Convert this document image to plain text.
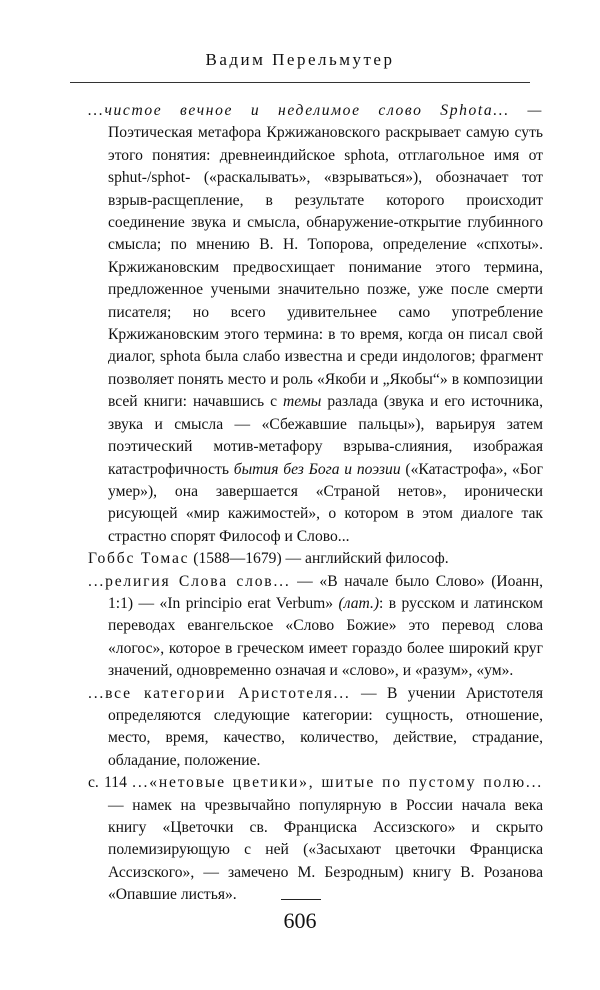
Вадим Перельмутер

...чистое вечное и неделимое слово Sphota... — Поэтическая метафора Кржижановского раскрывает самую суть этого понятия: древнеиндийское sphota, отглагольное имя от sphut-/sphot- («раскалывать», «взрываться»), обозначает тот взрыв-расщепление, в результате которого происходит соединение звука и смысла, обнаружение-открытие глубинного смысла; по мнению В. Н. Топорова, определение «спхоты». Кржижановским предвосхищает понимание этого термина, предложенное учеными значительно позже, уже после смерти писателя; но всего удивительнее само употребление Кржижановским этого термина: в то время, когда он писал свой диалог, sphota была слабо известна и среди индологов; фрагмент позволяет понять место и роль «Якоби и „Якобы“» в композиции всей книги: начавшись с темы разлада (звука и его источника, звука и смысла — «Сбежавшие пальцы»), варьируя затем поэтический мотив-метафору взрыва-слияния, изображая катастрофичность бытия без Бога и поэзии («Катастрофа», «Бог умер»), она завершается «Страной нетов», иронически рисующей «мир кажимостей», о котором в этом диалоге так страстно спорят Философ и Слово...

Гоббс Томас (1588—1679) — английский философ.

...религия Слова слов... — «В начале было Слово» (Иоанн, 1:1) — «In principio erat Verbum» (лат.): в русском и латинском переводах евангельское «Слово Божие» это перевод слова «логос», которое в греческом имеет гораздо более широкий круг значений, одновременно означая и «слово», и «разум», «ум».

...все категории Аристотеля... — В учении Аристотеля определяются следующие категории: сущность, отношение, место, время, качество, количество, действие, страдание, обладание, положение.

с. 114 ...«нетовые цветики», шитые по пустому полю... — намек на чрезвычайно популярную в России начала века книгу «Цветочки св. Франциска Ассизского» и скрыто полемизирующую с ней («Засыхают цветочки Франциска Ассизского», — замечено М. Безродным) книгу В. Розанова «Опавшие листья».

606
